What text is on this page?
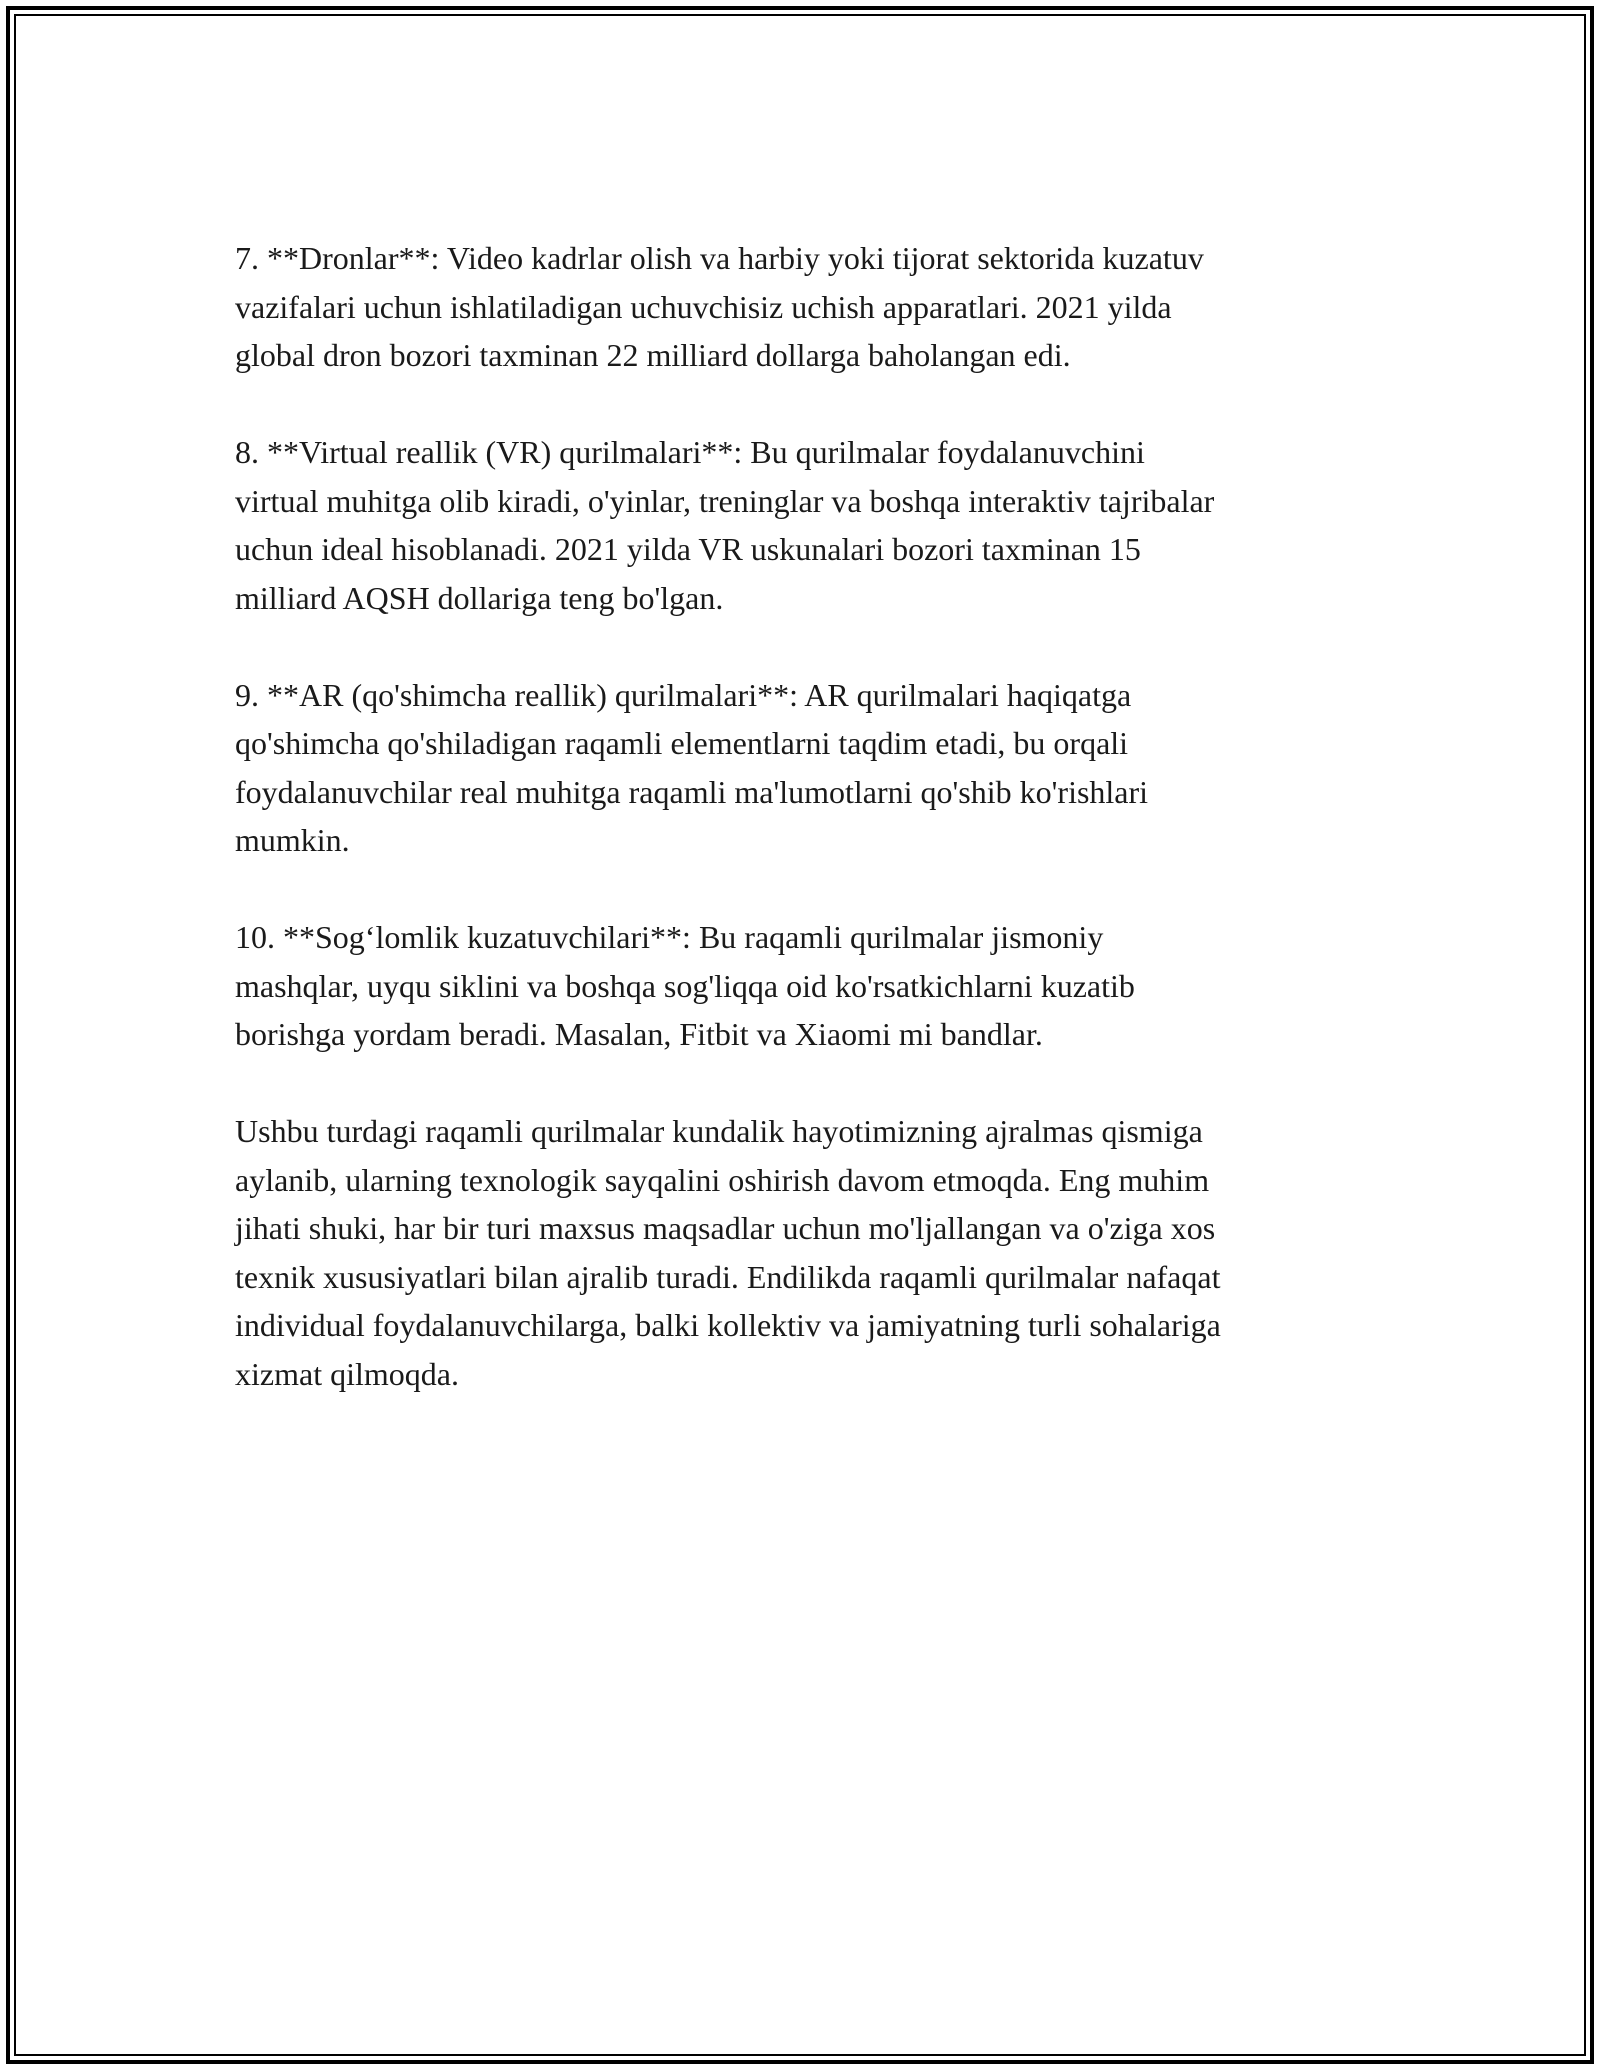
7. **Dronlar**: Video kadrlar olish va harbiy yoki tijorat sektorida kuzatuv
vazifalari uchun ishlatiladigan uchuvchisiz uchish apparatlari. 2021 yilda
global dron bozori taxminan 22 milliard dollarga baholangan edi.

8. **Virtual reallik (VR) qurilmalari**: Bu qurilmalar foydalanuvchini
virtual muhitga olib kiradi, o'yinlar, treninglar va boshqa interaktiv tajribalar
uchun ideal hisoblanadi. 2021 yilda VR uskunalari bozori taxminan 15
milliard AQSH dollariga teng bo'lgan.

9. **AR (qo'shimcha reallik) qurilmalari**: AR qurilmalari haqiqatga
qo'shimcha qo'shiladigan raqamli elementlarni taqdim etadi, bu orqali
foydalanuvchilar real muhitga raqamli ma'lumotlarni qo'shib ko'rishlari
mumkin.

10. **Sog‘lomlik kuzatuvchilari**: Bu raqamli qurilmalar jismoniy
mashqlar, uyqu siklini va boshqa sog'liqqa oid ko'rsatkichlarni kuzatib
borishga yordam beradi. Masalan, Fitbit va Xiaomi mi bandlar.

Ushbu turdagi raqamli qurilmalar kundalik hayotimizning ajralmas qismiga
aylanib, ularning texnologik sayqalini oshirish davom etmoqda. Eng muhim
jihati shuki, har bir turi maxsus maqsadlar uchun mo'ljallangan va o'ziga xos
texnik xususiyatlari bilan ajralib turadi. Endilikda raqamli qurilmalar nafaqat
individual foydalanuvchilarga, balki kollektiv va jamiyatning turli sohalariga
xizmat qilmoqda.
